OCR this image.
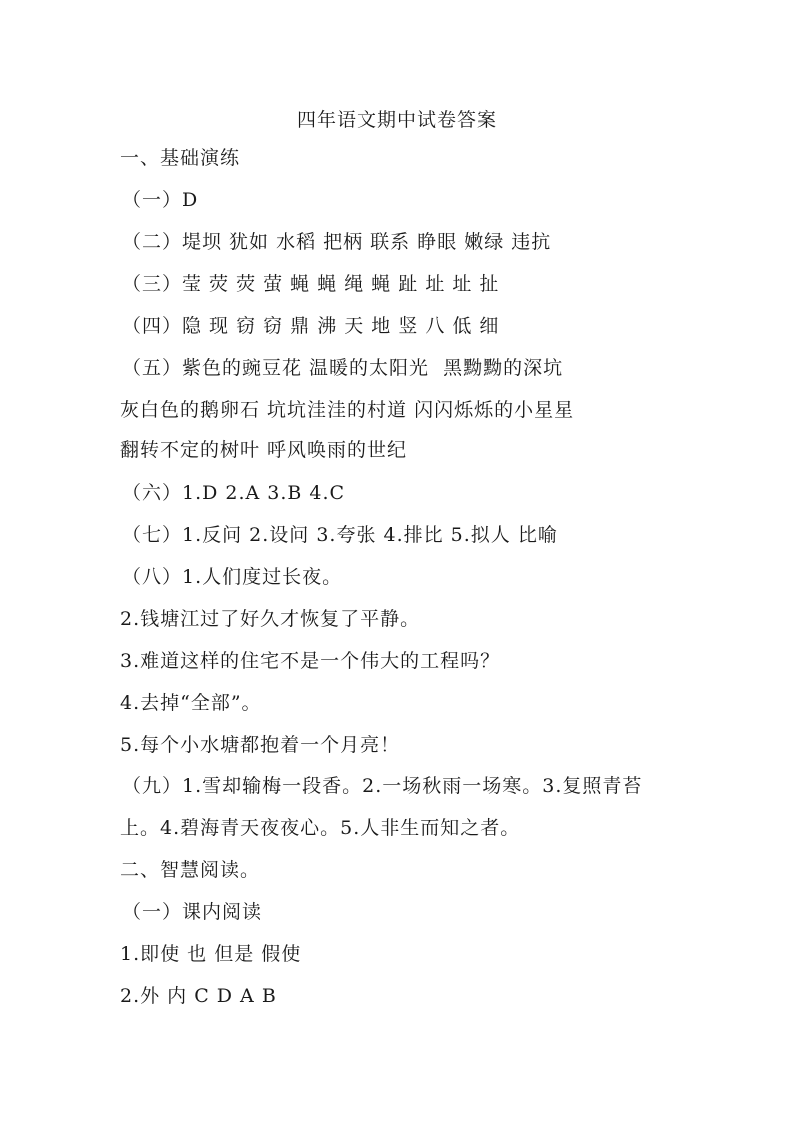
四年语文期中试卷答案
一、基础演练
（一）D
（二）堤坝 犹如 水稻 把柄 联系 睁眼 嫩绿 违抗
（三）莹 荧 荧 萤 蝇 蝇 绳 蝇 趾 址 址 扯
（四）隐 现 窃 窃 鼎 沸 天 地 竖 八 低 细
（五）紫色的豌豆花 温暖的太阳光  黑黝黝的深坑
灰白色的鹅卵石 坑坑洼洼的村道 闪闪烁烁的小星星
翻转不定的树叶 呼风唤雨的世纪
（六）1.D 2.A 3.B 4.C
（七）1.反问 2.设问 3.夸张 4.排比 5.拟人 比喻
（八）1.人们度过长夜。
2.钱塘江过了好久才恢复了平静。
3.难道这样的住宅不是一个伟大的工程吗？
4.去掉“全部”。
5.每个小水塘都抱着一个月亮！
（九）1.雪却输梅一段香。2.一场秋雨一场寒。3.复照青苔
上。4.碧海青天夜夜心。5.人非生而知之者。
二、智慧阅读。
（一）课内阅读
1.即使 也 但是 假使
2.外 内 C D A B
